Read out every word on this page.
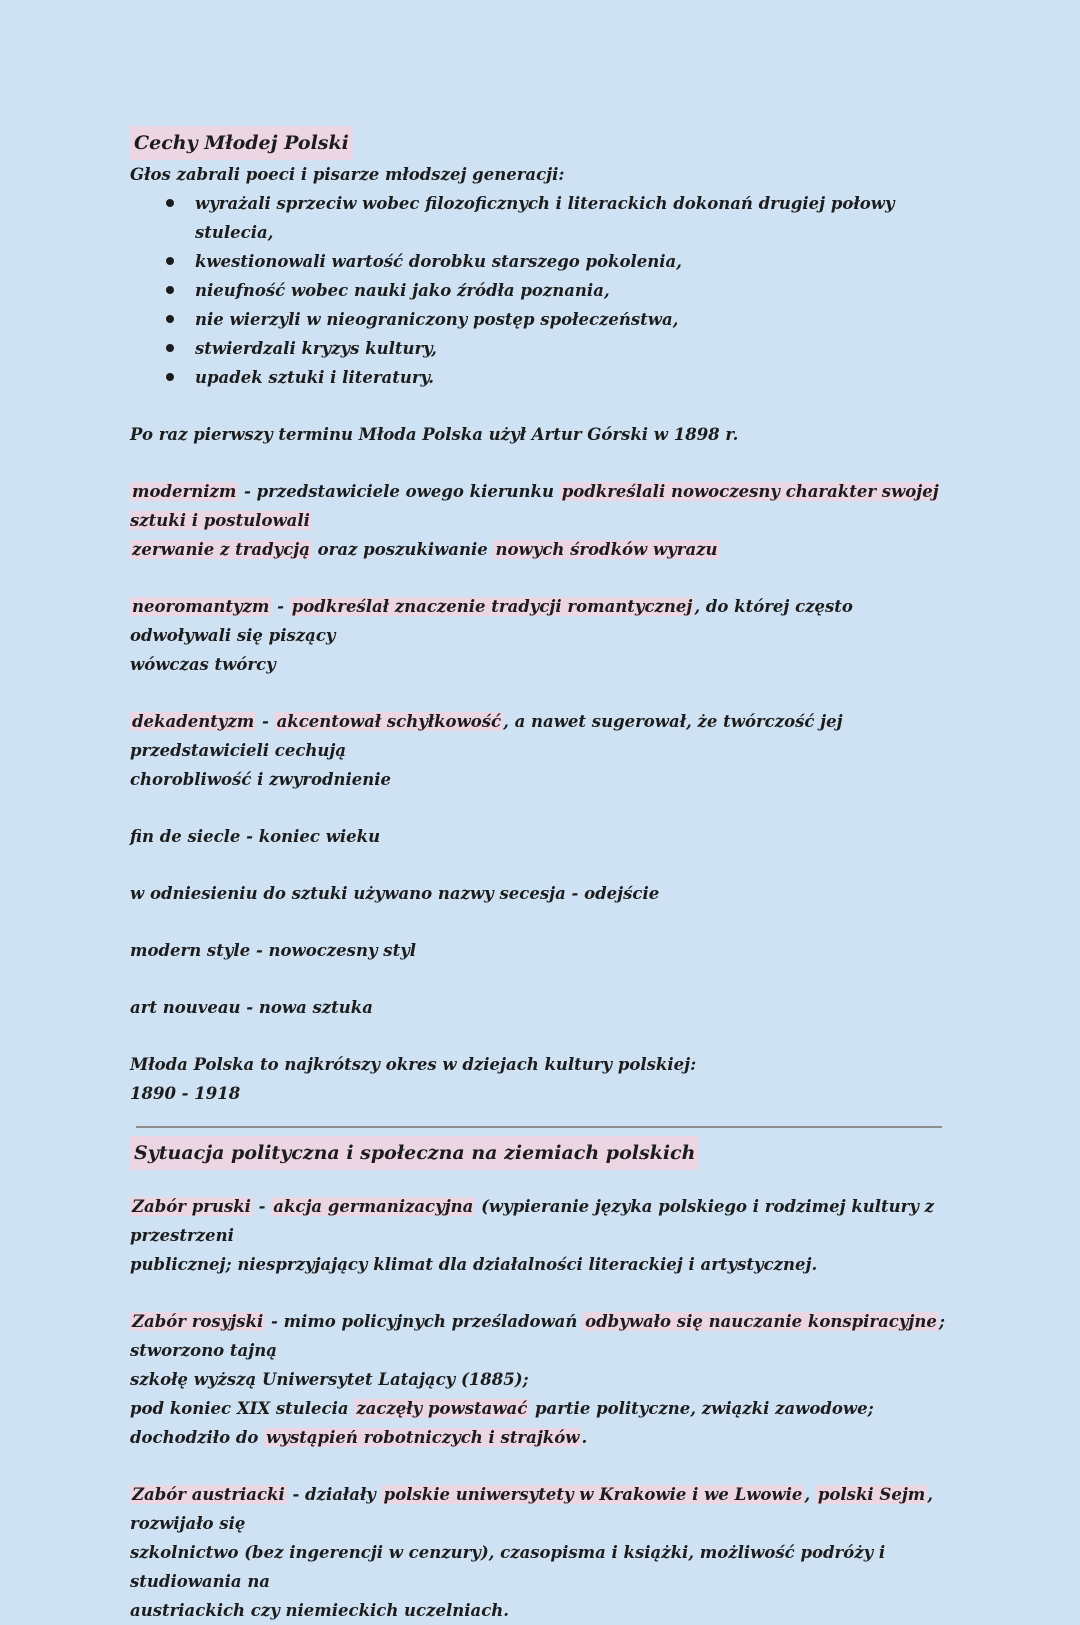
Cechy Młodej Polski

Głos zabrali poeci i pisarze młodszej generacji:

wyrażali sprzeciw wobec filozoficznych i literackich dokonań drugiej połowy stulecia,
kwestionowali wartość dorobku starszego pokolenia,
nieufność wobec nauki jako źródła poznania,
nie wierzyli w nieograniczony postęp społeczeństwa,
stwierdzali kryzys kultury,
upadek sztuki i literatury.

Po raz pierwszy terminu Młoda Polska użył Artur Górski w 1898 r.

modernizm - przedstawiciele owego kierunku podkreślali nowoczesny charakter swojej sztuki i postulowali
zerwanie z tradycją oraz poszukiwanie nowych środków wyrazu

neoromantyzm - podkreślał znaczenie tradycji romantycznej , do której często odwoływali się piszący
wówczas twórcy

dekadentyzm - akcentował schyłkowość , a nawet sugerował, że twórczość jej przedstawicieli cechują
chorobliwość i zwyrodnienie

fin de siecle - koniec wieku

w odniesieniu do sztuki używano nazwy secesja - odejście

modern style - nowoczesny styl

art nouveau - nowa sztuka

Młoda Polska to najkrótszy okres w dziejach kultury polskiej:

1890 - 1918

Sytuacja polityczna i społeczna na ziemiach polskich

Zabór pruski - akcja germanizacyjna (wypieranie języka polskiego i rodzimej kultury z przestrzeni
publicznej; niesprzyjający klimat dla działalności literackiej i artystycznej.

Zabór rosyjski - mimo policyjnych prześladowań odbywało się nauczanie konspiracyjne ; stworzono tajną
szkołę wyższą Uniwersytet Latający (1885);
pod koniec XIX stulecia zaczęły powstawać partie polityczne, związki zawodowe;
dochodziło do wystąpień robotniczych i strajków .

Zabór austriacki - działały polskie uniwersytety w Krakowie i we Lwowie , polski Sejm , rozwijało się
szkolnictwo (bez ingerencji w cenzury), czasopisma i książki, możliwość podróży i studiowania na
austriackich czy niemieckich uczelniach.
